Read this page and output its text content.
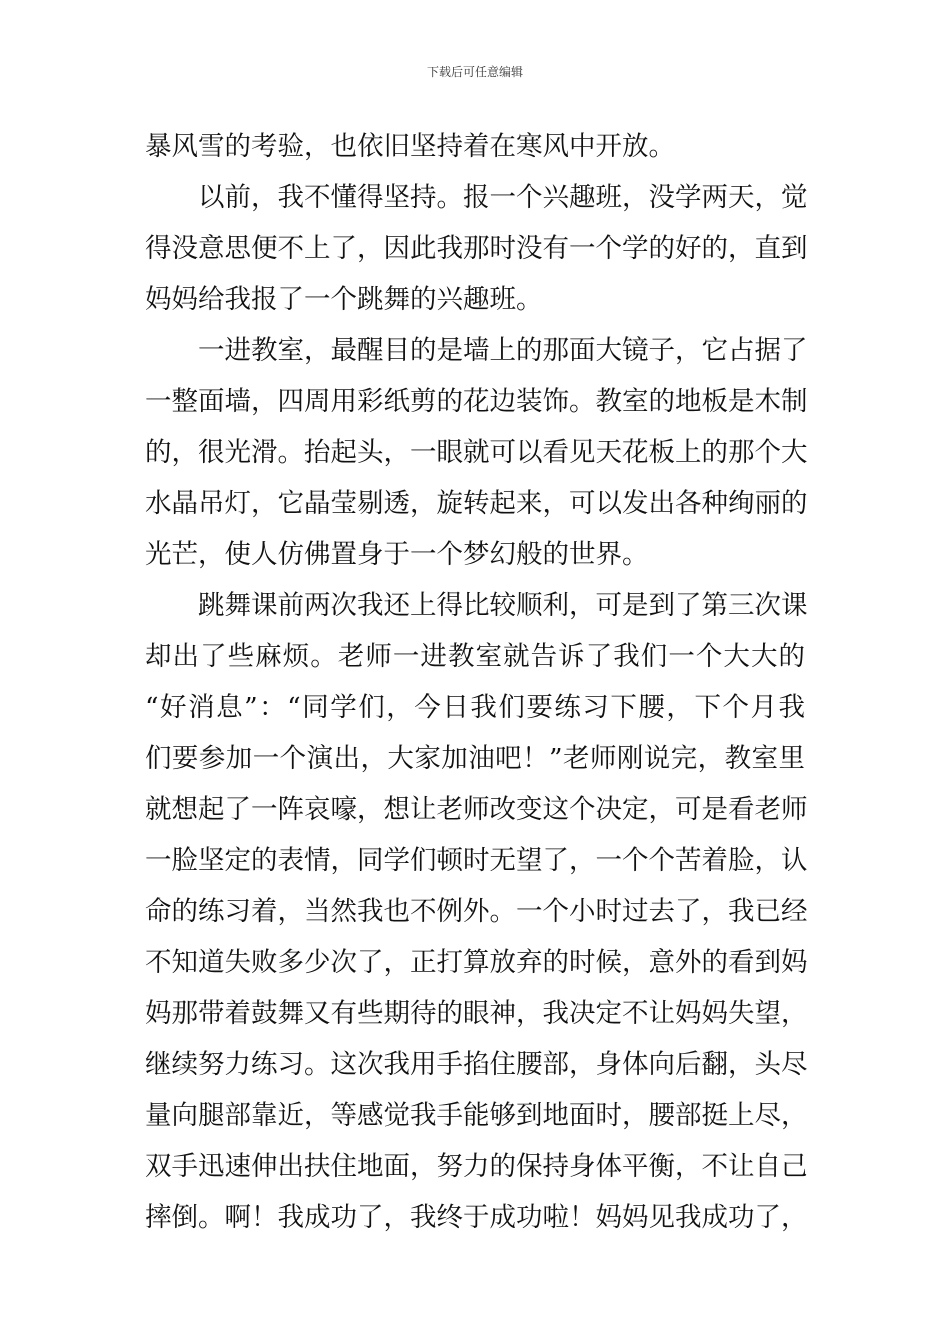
下载后可任意编辑
暴风雪的考验，也依旧坚持着在寒风中开放。
以前，我不懂得坚持。报一个兴趣班，没学两天，觉
得没意思便不上了，因此我那时没有一个学的好的，直到
妈妈给我报了一个跳舞的兴趣班。
一进教室，最醒目的是墙上的那面大镜子，它占据了
一整面墙，四周用彩纸剪的花边装饰。教室的地板是木制
的，很光滑。抬起头，一眼就可以看见天花板上的那个大
水晶吊灯，它晶莹剔透，旋转起来，可以发出各种绚丽的
光芒，使人仿佛置身于一个梦幻般的世界。
跳舞课前两次我还上得比较顺利，可是到了第三次课
却出了些麻烦。老师一进教室就告诉了我们一个大大的
“好消息”：“同学们，今日我们要练习下腰，下个月我
们要参加一个演出，大家加油吧！”老师刚说完，教室里
就想起了一阵哀嚎，想让老师改变这个决定，可是看老师
一脸坚定的表情，同学们顿时无望了，一个个苦着脸，认
命的练习着，当然我也不例外。一个小时过去了，我已经
不知道失败多少次了，正打算放弃的时候，意外的看到妈
妈那带着鼓舞又有些期待的眼神，我决定不让妈妈失望，
继续努力练习。这次我用手掐住腰部，身体向后翻，头尽
量向腿部靠近，等感觉我手能够到地面时，腰部挺上尽，
双手迅速伸出扶住地面，努力的保持身体平衡，不让自己
摔倒。啊！我成功了，我终于成功啦！妈妈见我成功了，
